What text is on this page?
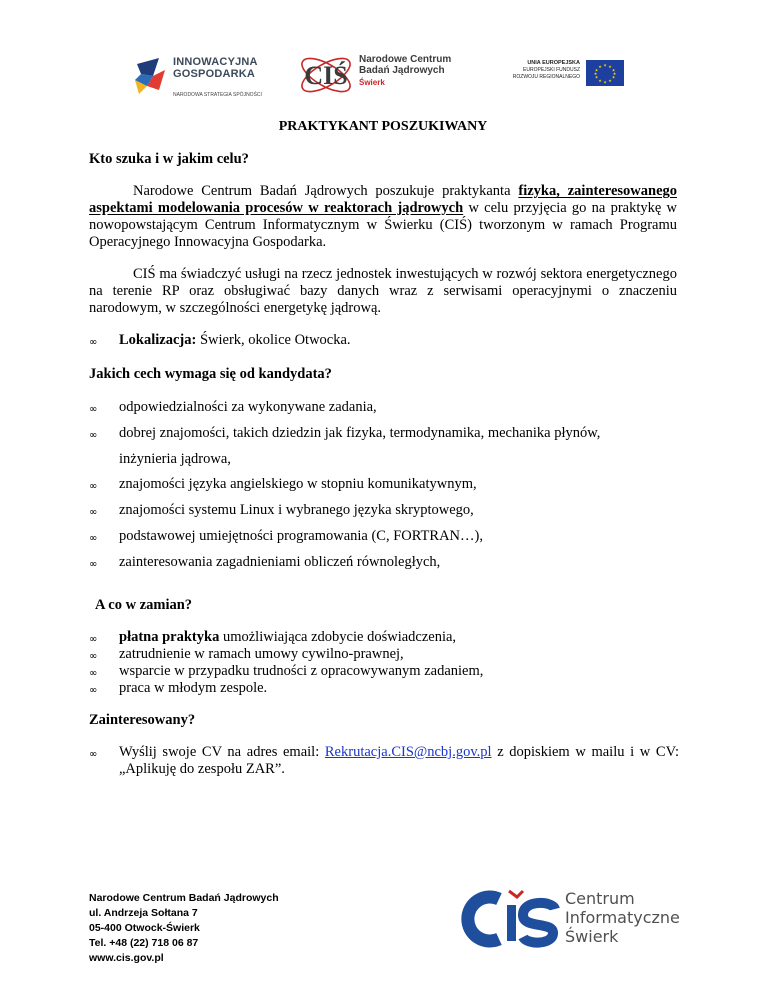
INNOWACYJNA
GOSPODARKA
NARODOWA STRATEGIA SPÓJNOŚCI
CIŚ
Narodowe Centrum
Badań Jądrowych
Świerk
UNIA EUROPEJSKA
EUROPEJSKI FUNDUSZ
ROZWOJU REGIONALNEGO
★ ★
★
★
★
★
★
★
★
★
★
★
PRAKTYKANT POSZUKIWANY
Kto szuka i w jakim celu?
Narodowe Centrum Badań Jądrowych poszukuje praktykanta fizyka, zainteresowanego aspektami modelowania procesów w reaktorach jądrowych w celu przyjęcia go na praktykę w nowopowstającym Centrum Informatycznym w Świerku (CIŚ) tworzonym w ramach Programu Operacyjnego Innowacyjna Gospodarka.
CIŚ ma świadczyć usługi na rzecz jednostek inwestujących w rozwój sektora energetycznego na terenie RP oraz obsługiwać bazy danych wraz z serwisami operacyjnymi o znaczeniu narodowym, w szczególności energetykę jądrową.
∞ Lokalizacja: Świerk, okolice Otwocka.
Jakich cech wymaga się od kandydata?
∞ odpowiedzialności za wykonywane zadania,
∞ dobrej znajomości, takich dziedzin jak fizyka, termodynamika, mechanika płynów,
inżynieria jądrowa,
∞ znajomości języka angielskiego w stopniu komunikatywnym,
∞ znajomości systemu Linux i wybranego języka skryptowego,
∞ podstawowej umiejętności programowania (C, FORTRAN…),
∞ zainteresowania zagadnieniami obliczeń równoległych,
A co w zamian?
∞ płatna praktyka umożliwiająca zdobycie doświadczenia,
∞ zatrudnienie w ramach umowy cywilno-prawnej,
∞ wsparcie w przypadku trudności z opracowywanym zadaniem,
∞ praca w młodym zespole.
Zainteresowany?
∞ Wyślij swoje CV na adres email: Rekrutacja.CIS@ncbj.gov.pl z dopiskiem w mailu i w CV: „Aplikuję do zespołu ZAR”.
Narodowe Centrum Badań Jądrowych
ul. Andrzeja Sołtana 7
05-400 Otwock-Świerk
Tel. +48 (22) 718 06 87
www.cis.gov.pl
CIS
Centrum
Informatyczne
Świerk
